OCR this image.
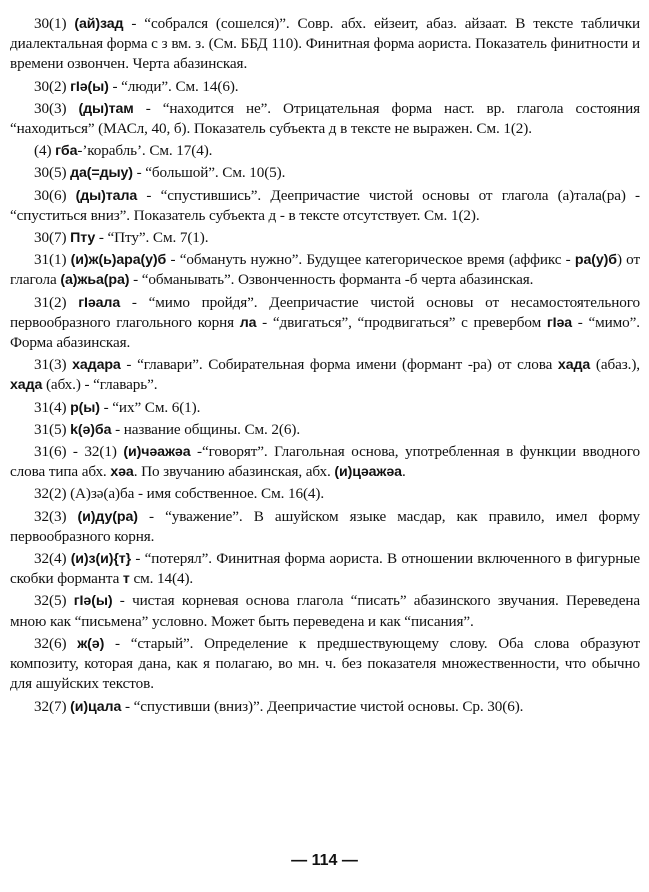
30(1) (ай)зад - “собрался (сошелся)”. Совр. абх. ейзеит, абаз. айзаат. В тексте таблички диалектальная форма с з вм. з. (См. ББД 110). Финитная форма аориста. Показатель финитности и времени озвончен. Черта абазинская.

30(2) гIә(ы) - “люди”. См. 14(6).

30(3) (ды)там - “находится не”. Отрицательная форма наст. вр. глагола состояния “находиться” (МАСл, 40, б). Показатель субъекта д в тексте не выражен. См. 1(2).

(4) гба-’корабль’. См. 17(4).

30(5) да(=дыу) - “большой”. См. 10(5).

30(6) (ды)тала - “спустившись”. Деепричастие чистой основы от глагола (а)тала(ра) - “спуститься вниз”. Показатель субъекта д - в тексте отсутствует. См. 1(2).

30(7) Пту - “Пту”. См. 7(1).

31(1) (и)ж(ь)ара(у)б - “обмануть нужно”. Будущее категорическое время (аффикс - ра(у)б) от глагола (а)жьа(ра) - “обманывать”. Озвонченность форманта -б черта абазинская.

31(2) гIәала - “мимо пройдя”. Деепричастие чистой основы от несамостоятельного первообразного глагольного корня ла - “двигаться”, “продвигаться” с превербом гIәа - “мимо”. Форма абазинская.

31(3) хадара - “главари”. Собирательная форма имени (формант -ра) от слова хада (абаз.), хада (абх.) - “главарь”.

31(4) р(ы) - “их” См. 6(1).

31(5) k(ә)ба - название общины. См. 2(6).

31(6) - 32(1) (и)чәажәа -“говорят”. Глагольная основа, употребленная в функции вводного слова типа абх. хәа. По звучанию абазинская, абх. (и)цәажәа.

32(2) (А)зә(а)ба - имя собственное. См. 16(4).

32(3) (и)ду(ра) - “уважение”. В ашуйском языке масдар, как правило, имел форму первообразного корня.

32(4) (и)з(и){т} - “потерял”. Финитная форма аориста. В отношении включенного в фигурные скобки форманта т см. 14(4).

32(5) гIә(ы) - чистая корневая основа глагола “писать” абазинского звучания. Переведена мною как “письмена” условно. Может быть переведена и как “писания”.

32(6) ж(ә) - “старый”. Определение к предшествующему слову. Оба слова образуют композиту, которая дана, как я полагаю, во мн. ч. без показателя множественности, что обычно для ашуйских текстов.

32(7) (и)цала - “спустивши (вниз)”. Деепричастие чистой основы. Ср. 30(6).

— 114 —
